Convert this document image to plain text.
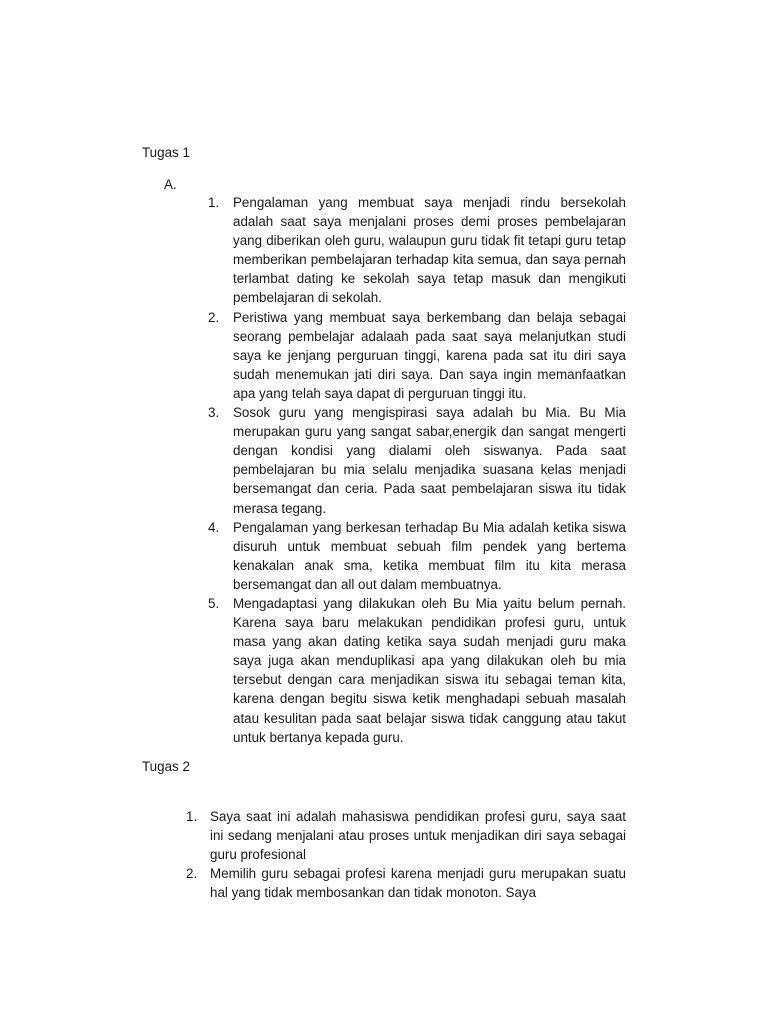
Tugas 1
A.
1. Pengalaman yang membuat saya menjadi rindu bersekolah adalah saat saya menjalani proses demi proses pembelajaran yang diberikan oleh guru, walaupun guru tidak fit tetapi guru tetap memberikan pembelajaran terhadap kita semua, dan saya pernah terlambat dating ke sekolah saya tetap masuk dan mengikuti pembelajaran di sekolah.
2. Peristiwa yang membuat saya berkembang dan belaja sebagai seorang pembelajar adalaah pada saat saya melanjutkan studi saya ke jenjang perguruan tinggi, karena pada sat itu diri saya sudah menemukan jati diri saya. Dan saya ingin memanfaatkan apa yang telah saya dapat di perguruan tinggi itu.
3. Sosok guru yang mengispirasi saya adalah bu Mia. Bu Mia merupakan guru yang sangat sabar,energik dan sangat mengerti dengan kondisi yang dialami oleh siswanya. Pada saat pembelajaran bu mia selalu menjadika suasana kelas menjadi bersemangat dan ceria. Pada saat pembelajaran siswa itu tidak merasa tegang.
4. Pengalaman yang berkesan terhadap Bu Mia adalah ketika siswa disuruh untuk membuat sebuah film pendek yang bertema kenakalan anak sma, ketika membuat film itu kita merasa bersemangat dan all out dalam membuatnya.
5. Mengadaptasi yang dilakukan oleh Bu Mia yaitu belum pernah. Karena saya baru melakukan pendidikan profesi guru, untuk masa yang akan dating ketika saya sudah menjadi guru maka saya juga akan menduplikasi apa yang dilakukan oleh bu mia tersebut dengan cara menjadikan siswa itu sebagai teman kita, karena dengan begitu siswa ketik menghadapi sebuah masalah atau kesulitan pada saat belajar siswa tidak canggung atau takut untuk bertanya kepada guru.
Tugas 2
1. Saya saat ini adalah mahasiswa pendidikan profesi guru, saya saat ini sedang menjalani atau proses untuk menjadikan diri saya sebagai guru profesional
2. Memilih guru sebagai profesi karena menjadi guru merupakan suatu hal yang tidak membosankan dan tidak monoton. Saya
